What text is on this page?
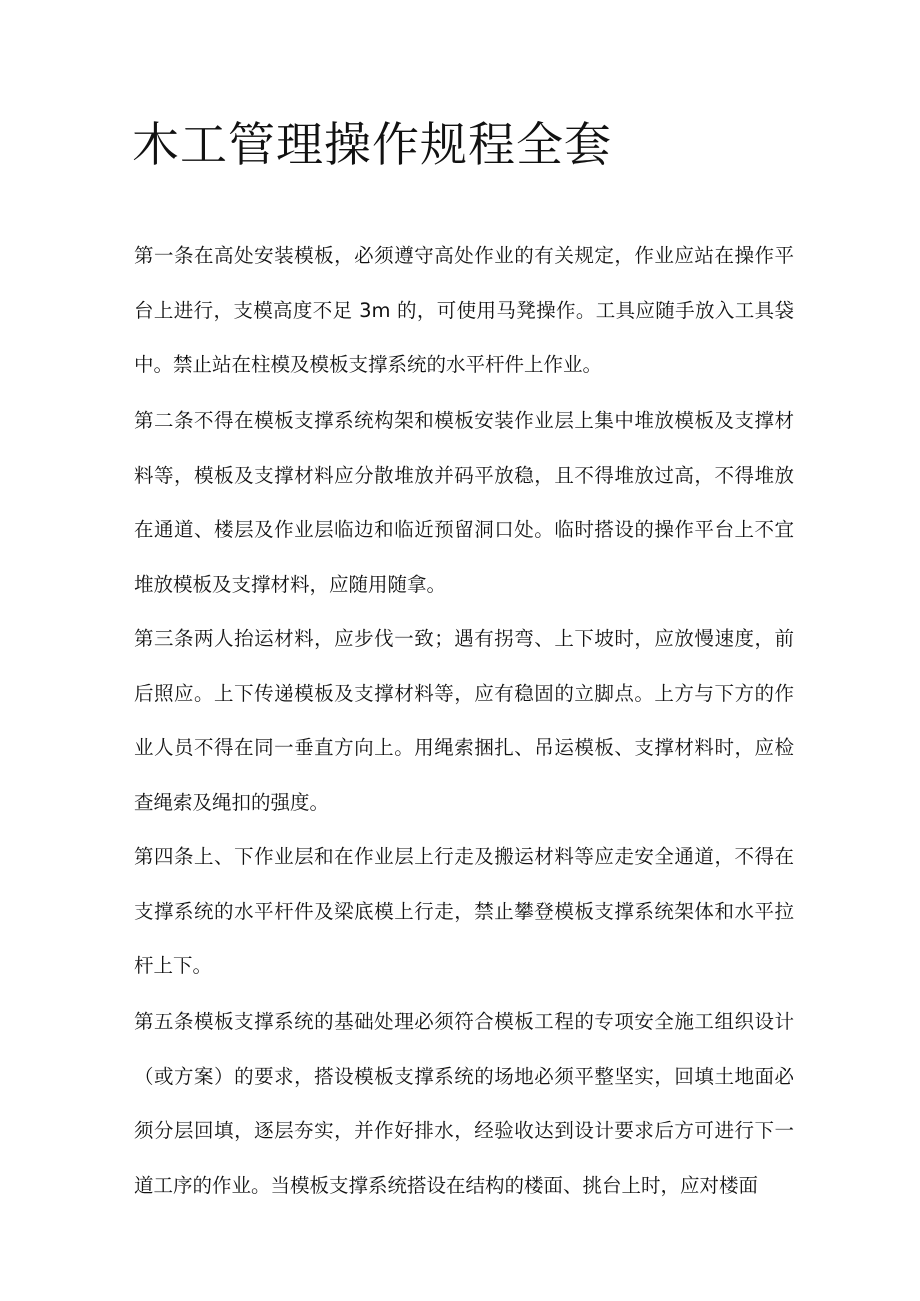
木工管理操作规程全套

第一条在高处安装模板，必须遵守高处作业的有关规定，作业应站在操作平台上进行，支模高度不足 3m 的，可使用马凳操作。工具应随手放入工具袋中。禁止站在柱模及模板支撑系统的水平杆件上作业。

第二条不得在模板支撑系统构架和模板安装作业层上集中堆放模板及支撑材料等，模板及支撑材料应分散堆放并码平放稳，且不得堆放过高，不得堆放在通道、楼层及作业层临边和临近预留洞口处。临时搭设的操作平台上不宜堆放模板及支撑材料，应随用随拿。

第三条两人抬运材料，应步伐一致；遇有拐弯、上下坡时，应放慢速度，前后照应。上下传递模板及支撑材料等，应有稳固的立脚点。上方与下方的作业人员不得在同一垂直方向上。用绳索捆扎、吊运模板、支撑材料时，应检查绳索及绳扣的强度。

第四条上、下作业层和在作业层上行走及搬运材料等应走安全通道，不得在支撑系统的水平杆件及梁底模上行走，禁止攀登模板支撑系统架体和水平拉杆上下。

第五条模板支撑系统的基础处理必须符合模板工程的专项安全施工组织设计（或方案）的要求，搭设模板支撑系统的场地必须平整坚实，回填土地面必须分层回填，逐层夯实，并作好排水，经验收达到设计要求后方可进行下一道工序的作业。当模板支撑系统搭设在结构的楼面、挑台上时，应对楼面
